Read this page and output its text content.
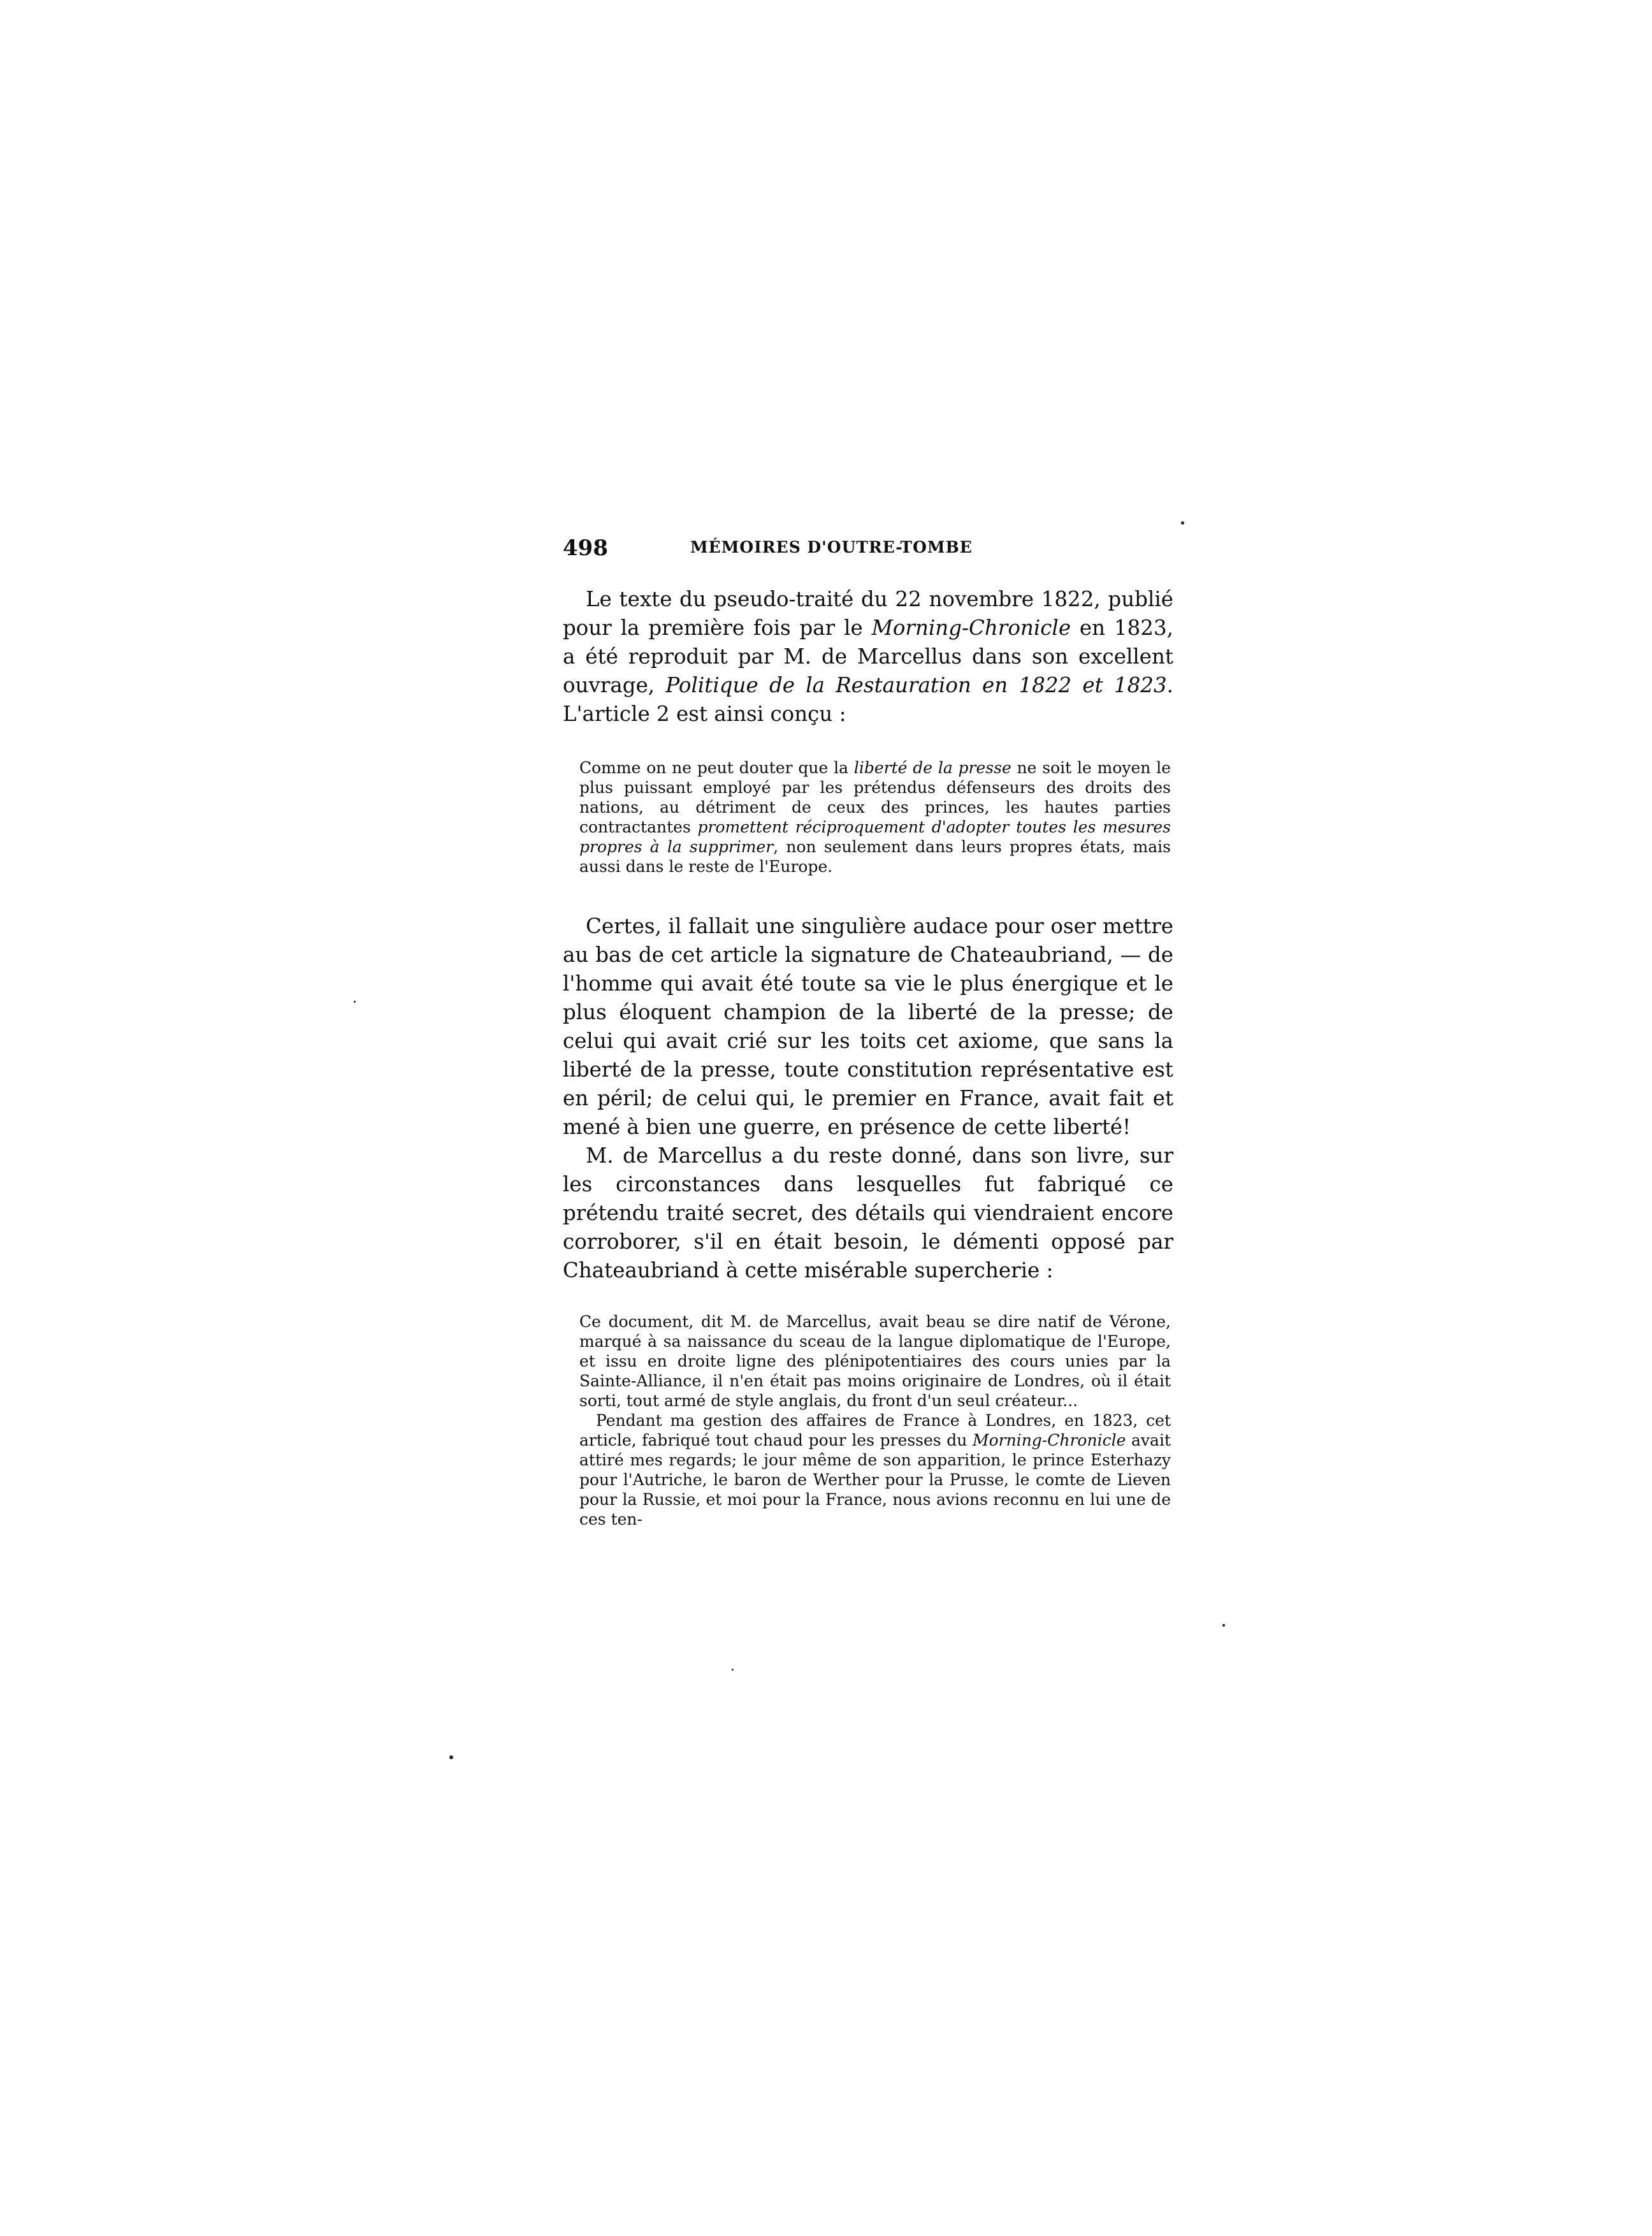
498	MÉMOIRES D'OUTRE-TOMBE

Le texte du pseudo-traité du 22 novembre 1822, publié pour la première fois par le Morning-Chronicle en 1823, a été reproduit par M. de Marcellus dans son excellent ouvrage, Politique de la Restauration en 1822 et 1823. L'article 2 est ainsi conçu :

Comme on ne peut douter que la liberté de la presse ne soit le moyen le plus puissant employé par les prétendus défenseurs des droits des nations, au détriment de ceux des princes, les hautes parties contractantes promettent réciproquement d'adopter toutes les mesures propres à la supprimer, non seulement dans leurs propres états, mais aussi dans le reste de l'Europe.

Certes, il fallait une singulière audace pour oser mettre au bas de cet article la signature de Chateaubriand, — de l'homme qui avait été toute sa vie le plus énergique et le plus éloquent champion de la liberté de la presse; de celui qui avait crié sur les toits cet axiome, que sans la liberté de la presse, toute constitution représentative est en péril; de celui qui, le premier en France, avait fait et mené à bien une guerre, en présence de cette liberté!

M. de Marcellus a du reste donné, dans son livre, sur les circonstances dans lesquelles fut fabriqué ce prétendu traité secret, des détails qui viendraient encore corroborer, s'il en était besoin, le démenti opposé par Chateaubriand à cette misérable supercherie :

Ce document, dit M. de Marcellus, avait beau se dire natif de Vérone, marqué à sa naissance du sceau de la langue diplomatique de l'Europe, et issu en droite ligne des plénipotentiaires des cours unies par la Sainte-Alliance, il n'en était pas moins originaire de Londres, où il était sorti, tout armé de style anglais, du front d'un seul créateur...

Pendant ma gestion des affaires de France à Londres, en 1823, cet article, fabriqué tout chaud pour les presses du Morning-Chronicle avait attiré mes regards; le jour même de son apparition, le prince Esterhazy pour l'Autriche, le baron de Werther pour la Prusse, le comte de Lieven pour la Russie, et moi pour la France, nous avions reconnu en lui une de ces ten-
